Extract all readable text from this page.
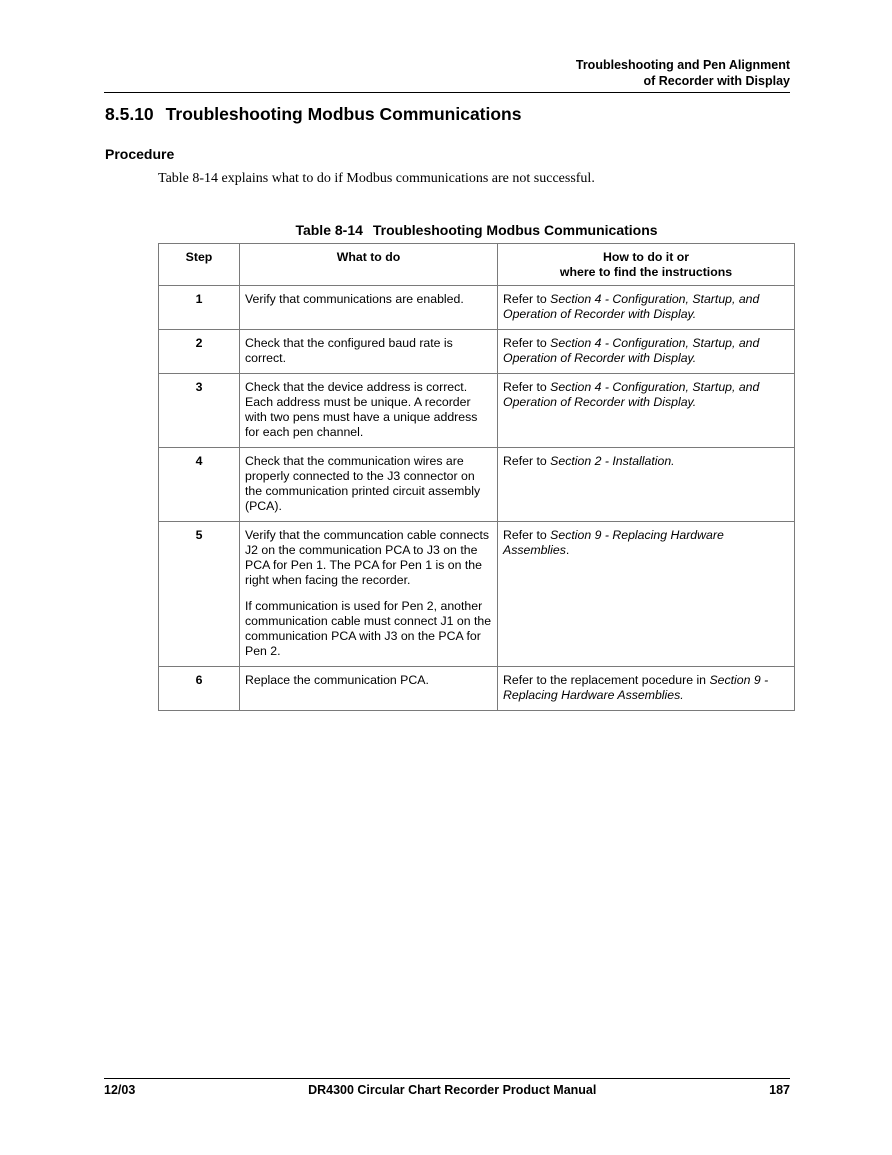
Troubleshooting and Pen Alignment
of Recorder with Display
8.5.10 Troubleshooting Modbus Communications
Procedure

Table 8-14 explains what to do if Modbus communications are not successful.

Table 8-14 Troubleshooting Modbus Communications
Step	What to do	How to do it or
where to find the instructions

1	Verify that communications are enabled.	Refer to Section 4 - Configuration, Startup, and Operation of Recorder with Display.
2	Check that the configured baud rate is correct.	Refer to Section 4 - Configuration, Startup, and Operation of Recorder with Display.
3	Check that the device address is correct. Each address must be unique. A recorder with two pens must have a unique address for each pen channel.	Refer to Section 4 - Configuration, Startup, and Operation of Recorder with Display.
4	Check that the communication wires are properly connected to the J3 connector on the communication printed circuit assembly (PCA).	Refer to Section 2 - Installation.
5	Verify that the communcation cable connects J2 on the communication PCA to J3 on the PCA for Pen 1. The PCA for Pen 1 is on the right when facing the recorder.

If communication is used for Pen 2, another communication cable must connect J1 on the communication PCA with J3 on the PCA for Pen 2.	Refer to Section 9 - Replacing Hardware Assemblies.
6	Replace the communication PCA.	Refer to the replacement pocedure in Section 9 - Replacing Hardware Assemblies.
12/03	DR4300 Circular Chart Recorder Product Manual	187
